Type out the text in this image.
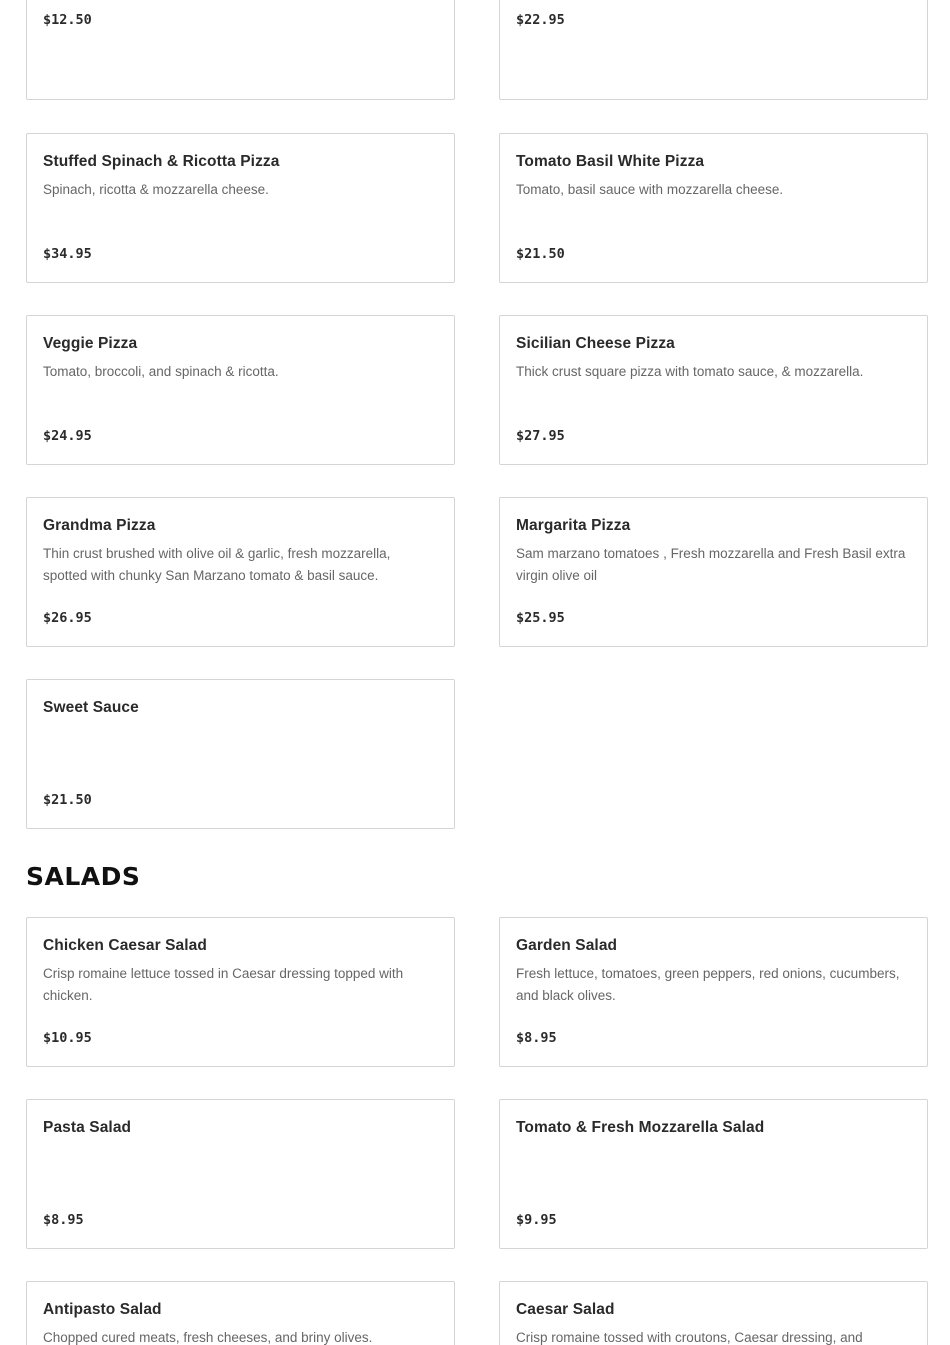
$12.50	$22.95
Stuffed Spinach & Ricotta Pizza
Spinach, ricotta & mozzarella cheese.
$34.95
Tomato Basil White Pizza
Tomato, basil sauce with mozzarella cheese.
$21.50
Veggie Pizza
Tomato, broccoli, and spinach & ricotta.
$24.95
Sicilian Cheese Pizza
Thick crust square pizza with tomato sauce, & mozzarella.
$27.95
Grandma Pizza
Thin crust brushed with olive oil & garlic, fresh mozzarella, spotted with chunky San Marzano tomato & basil sauce.
$26.95
Margarita Pizza
Sam marzano tomatoes , Fresh mozzarella and Fresh Basil extra virgin olive oil
$25.95
Sweet Sauce
$21.50
SALADS
Chicken Caesar Salad
Crisp romaine lettuce tossed in Caesar dressing topped with chicken.
$10.95
Garden Salad
Fresh lettuce, tomatoes, green peppers, red onions, cucumbers, and black olives.
$8.95
Pasta Salad
$8.95
Tomato & Fresh Mozzarella Salad
$9.95
Antipasto Salad
Chopped cured meats, fresh cheeses, and briny olives.
Caesar Salad
Crisp romaine tossed with croutons, Caesar dressing, and
